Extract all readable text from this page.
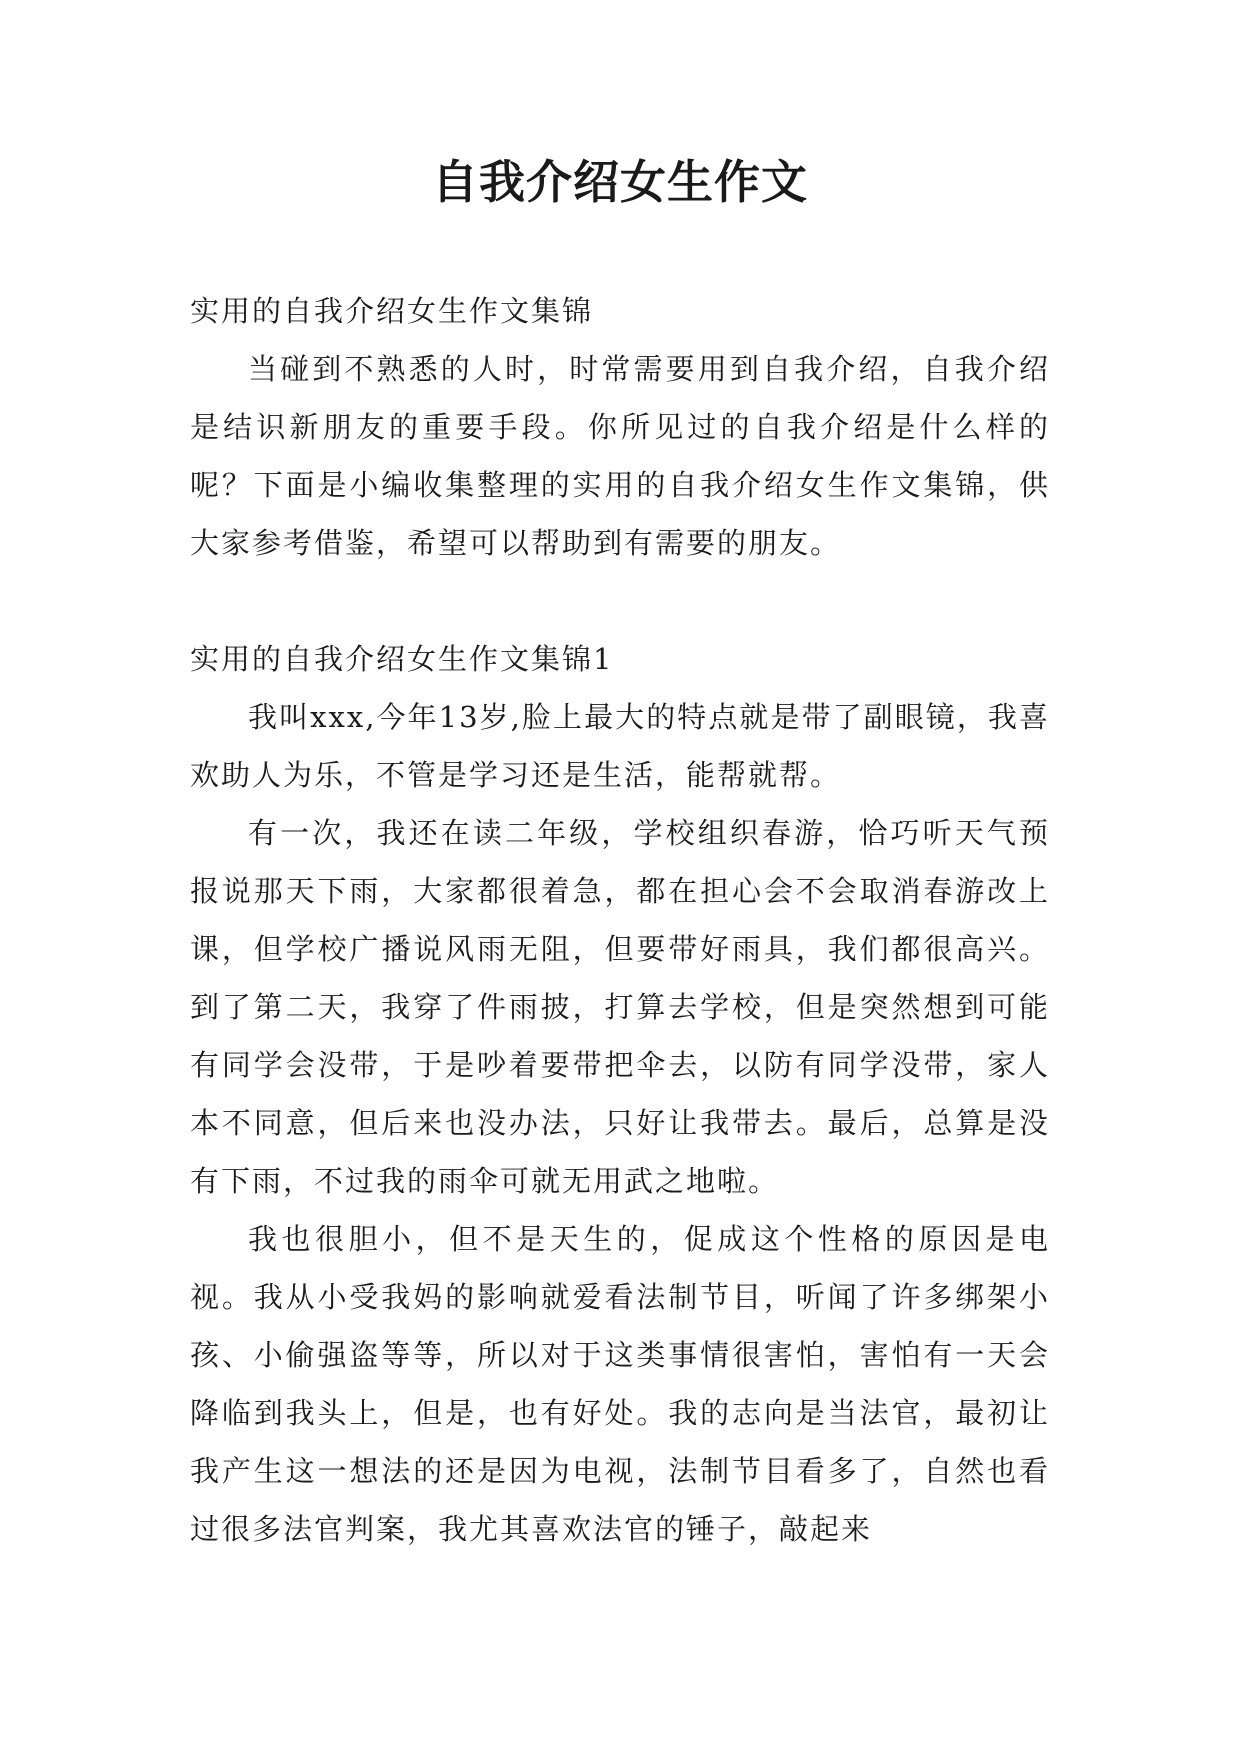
自我介绍女生作文

实用的自我介绍女生作文集锦

当碰到不熟悉的人时，时常需要用到自我介绍，自我介绍是结识新朋友的重要手段。你所见过的自我介绍是什么样的呢？下面是小编收集整理的实用的自我介绍女生作文集锦，供大家参考借鉴，希望可以帮助到有需要的朋友。

实用的自我介绍女生作文集锦1

我叫xxx,今年13岁,脸上最大的特点就是带了副眼镜，我喜欢助人为乐，不管是学习还是生活，能帮就帮。

有一次，我还在读二年级，学校组织春游，恰巧听天气预报说那天下雨，大家都很着急，都在担心会不会取消春游改上课，但学校广播说风雨无阻，但要带好雨具，我们都很高兴。到了第二天，我穿了件雨披，打算去学校，但是突然想到可能有同学会没带，于是吵着要带把伞去，以防有同学没带，家人本不同意，但后来也没办法，只好让我带去。最后，总算是没有下雨，不过我的雨伞可就无用武之地啦。

我也很胆小，但不是天生的，促成这个性格的原因是电视。我从小受我妈的影响就爱看法制节目，听闻了许多绑架小孩、小偷强盗等等，所以对于这类事情很害怕，害怕有一天会降临到我头上，但是，也有好处。我的志向是当法官，最初让我产生这一想法的还是因为电视，法制节目看多了，自然也看过很多法官判案，我尤其喜欢法官的锤子，敲起来
